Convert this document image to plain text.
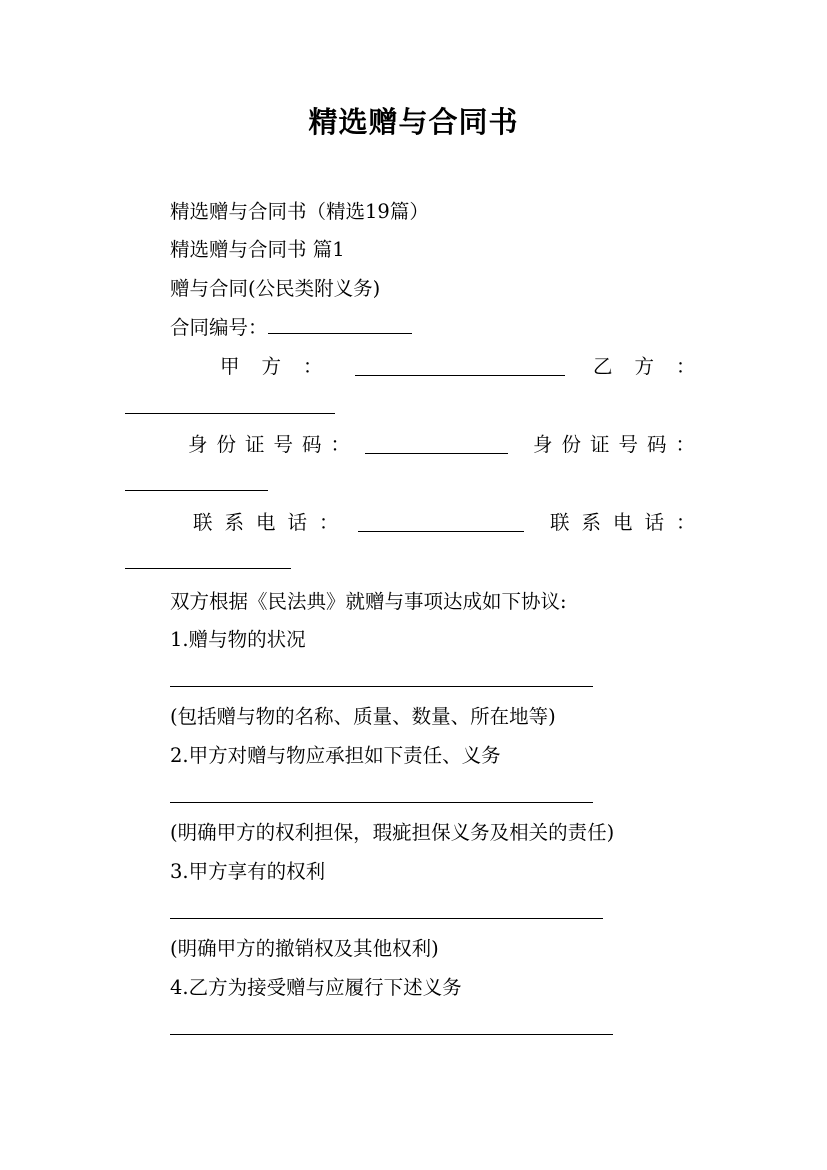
精选赠与合同书
精选赠与合同书（精选19篇）
精选赠与合同书 篇1
赠与合同(公民类附义务)
合同编号：
甲方：	乙方：
身份证号码：	身份证号码：
联系电话：	联系电话：
双方根据《民法典》就赠与事项达成如下协议:
1.赠与物的状况
(包括赠与物的名称、质量、数量、所在地等)
2.甲方对赠与物应承担如下责任、义务
(明确甲方的权利担保，瑕疵担保义务及相关的责任)
3.甲方享有的权利
(明确甲方的撤销权及其他权利)
4.乙方为接受赠与应履行下述义务
